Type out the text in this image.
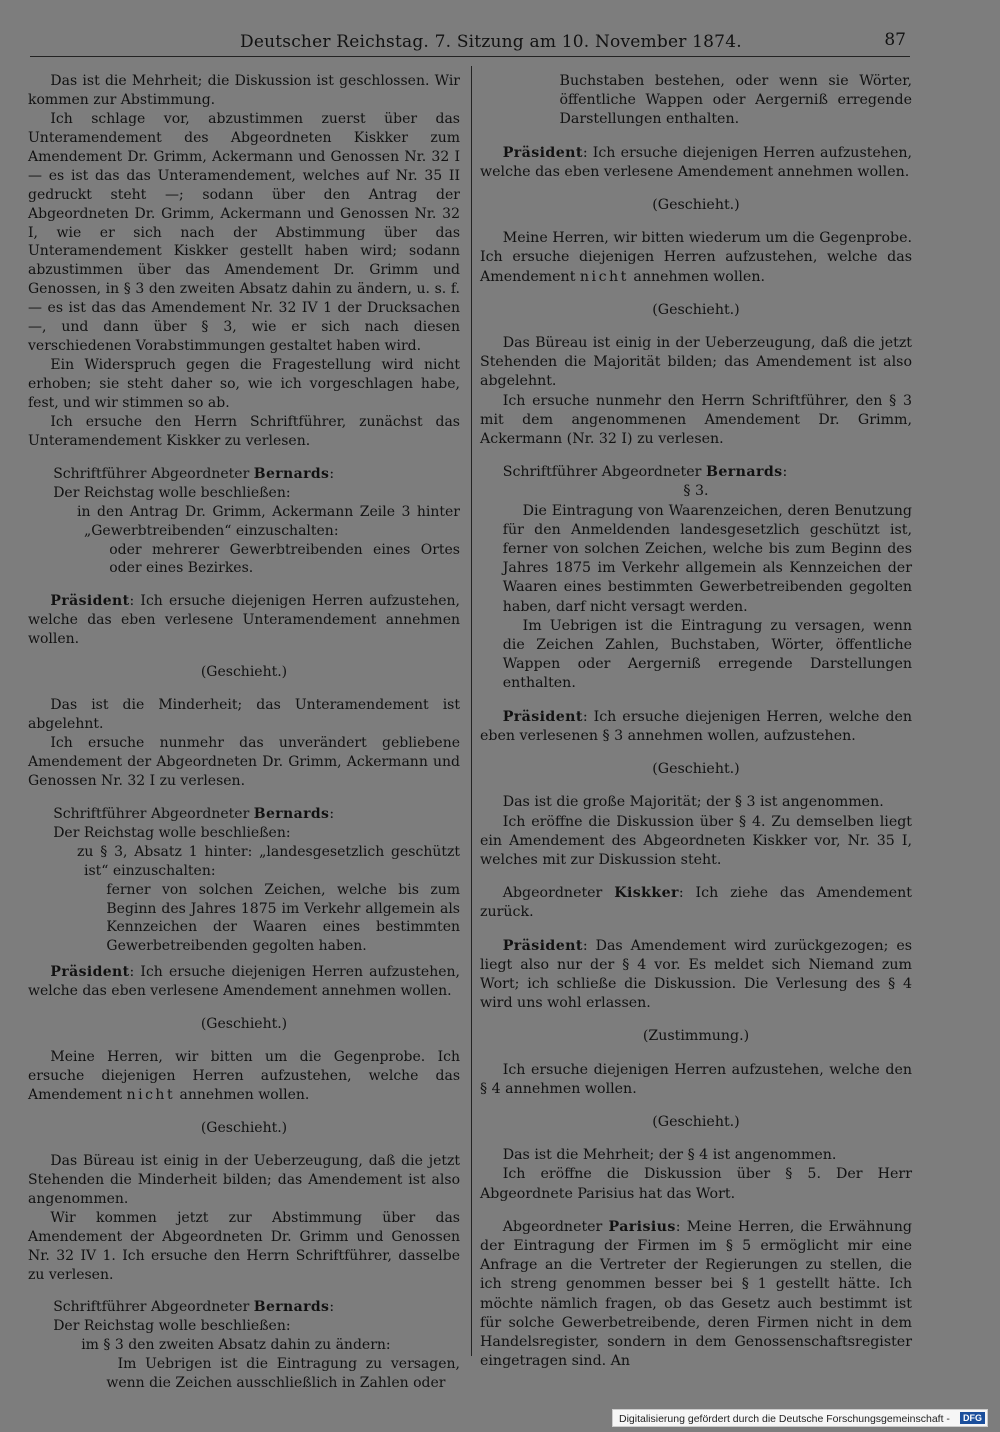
Deutscher Reichstag. 7. Sitzung am 10. November 1874.	87

Das ist die Mehrheit; die Diskussion ist geschlossen. Wir kommen zur Abstimmung.

Ich schlage vor, abzustimmen zuerst über das Unteramendement des Abgeordneten Kiskker zum Amendement Dr. Grimm, Ackermann und Genossen Nr. 32 I — es ist das das Unteramendement, welches auf Nr. 35 II gedruckt steht —; sodann über den Antrag der Abgeordneten Dr. Grimm, Ackermann und Genossen Nr. 32 I, wie er sich nach der Abstimmung über das Unteramendement Kiskker gestellt haben wird; sodann abzustimmen über das Amendement Dr. Grimm und Genossen, in § 3 den zweiten Absatz dahin zu ändern, u. s. f. — es ist das das Amendement Nr. 32 IV 1 der Drucksachen —, und dann über § 3, wie er sich nach diesen verschiedenen Vorabstimmungen gestaltet haben wird.

Ein Widerspruch gegen die Fragestellung wird nicht erhoben; sie steht daher so, wie ich vorgeschlagen habe, fest, und wir stimmen so ab.

Ich ersuche den Herrn Schriftführer, zunächst das Unteramendement Kiskker zu verlesen.

Schriftführer Abgeordneter Bernards:

Der Reichstag wolle beschließen:

in den Antrag Dr. Grimm, Ackermann Zeile 3 hinter „Gewerbtreibenden“ einzuschalten:

oder mehrerer Gewerbtreibenden eines Ortes oder eines Bezirkes.

Präsident: Ich ersuche diejenigen Herren aufzustehen, welche das eben verlesene Unteramendement annehmen wollen.

(Geschieht.)

Das ist die Minderheit; das Unteramendement ist abgelehnt.

Ich ersuche nunmehr das unverändert gebliebene Amendement der Abgeordneten Dr. Grimm, Ackermann und Genossen Nr. 32 I zu verlesen.

Schriftführer Abgeordneter Bernards:

Der Reichstag wolle beschließen:

zu § 3, Absatz 1 hinter: „landesgesetzlich geschützt ist“ einzuschalten:

ferner von solchen Zeichen, welche bis zum Beginn des Jahres 1875 im Verkehr allgemein als Kennzeichen der Waaren eines bestimmten Gewerbetreibenden gegolten haben.

Präsident: Ich ersuche diejenigen Herren aufzustehen, welche das eben verlesene Amendement annehmen wollen.

(Geschieht.)

Meine Herren, wir bitten um die Gegenprobe. Ich ersuche diejenigen Herren aufzustehen, welche das Amendement nicht annehmen wollen.

(Geschieht.)

Das Büreau ist einig in der Ueberzeugung, daß die jetzt Stehenden die Minderheit bilden; das Amendement ist also angenommen.

Wir kommen jetzt zur Abstimmung über das Amendement der Abgeordneten Dr. Grimm und Genossen Nr. 32 IV 1. Ich ersuche den Herrn Schriftführer, dasselbe zu verlesen.

Schriftführer Abgeordneter Bernards:

Der Reichstag wolle beschließen:

im § 3 den zweiten Absatz dahin zu ändern:

Im Uebrigen ist die Eintragung zu versagen, wenn die Zeichen ausschließlich in Zahlen oder

Buchstaben bestehen, oder wenn sie Wörter, öffentliche Wappen oder Aergerniß erregende Darstellungen enthalten.

Präsident: Ich ersuche diejenigen Herren aufzustehen, welche das eben verlesene Amendement annehmen wollen.

(Geschieht.)

Meine Herren, wir bitten wiederum um die Gegenprobe. Ich ersuche diejenigen Herren aufzustehen, welche das Amendement nicht annehmen wollen.

(Geschieht.)

Das Büreau ist einig in der Ueberzeugung, daß die jetzt Stehenden die Majorität bilden; das Amendement ist also abgelehnt.

Ich ersuche nunmehr den Herrn Schriftführer, den § 3 mit dem angenommenen Amendement Dr. Grimm, Ackermann (Nr. 32 I) zu verlesen.

Schriftführer Abgeordneter Bernards:

§ 3.

Die Eintragung von Waarenzeichen, deren Benutzung für den Anmeldenden landesgesetzlich geschützt ist, ferner von solchen Zeichen, welche bis zum Beginn des Jahres 1875 im Verkehr allgemein als Kennzeichen der Waaren eines bestimmten Gewerbetreibenden gegolten haben, darf nicht versagt werden.

Im Uebrigen ist die Eintragung zu versagen, wenn die Zeichen Zahlen, Buchstaben, Wörter, öffentliche Wappen oder Aergerniß erregende Darstellungen enthalten.

Präsident: Ich ersuche diejenigen Herren, welche den eben verlesenen § 3 annehmen wollen, aufzustehen.

(Geschieht.)

Das ist die große Majorität; der § 3 ist angenommen.

Ich eröffne die Diskussion über § 4. Zu demselben liegt ein Amendement des Abgeordneten Kiskker vor, Nr. 35 I, welches mit zur Diskussion steht.

Abgeordneter Kiskker: Ich ziehe das Amendement zurück.

Präsident: Das Amendement wird zurückgezogen; es liegt also nur der § 4 vor. Es meldet sich Niemand zum Wort; ich schließe die Diskussion. Die Verlesung des § 4 wird uns wohl erlassen.

(Zustimmung.)

Ich ersuche diejenigen Herren aufzustehen, welche den § 4 annehmen wollen.

(Geschieht.)

Das ist die Mehrheit; der § 4 ist angenommen.

Ich eröffne die Diskussion über § 5. Der Herr Abgeordnete Parisius hat das Wort.

Abgeordneter Parisius: Meine Herren, die Erwähnung der Eintragung der Firmen im § 5 ermöglicht mir eine Anfrage an die Vertreter der Regierungen zu stellen, die ich streng genommen besser bei § 1 gestellt hätte. Ich möchte nämlich fragen, ob das Gesetz auch bestimmt ist für solche Gewerbetreibende, deren Firmen nicht in dem Handelsregister, sondern in dem Genossenschaftsregister eingetragen sind. An

Digitalisierung gefördert durch die Deutsche Forschungsgemeinschaft -	DFG
